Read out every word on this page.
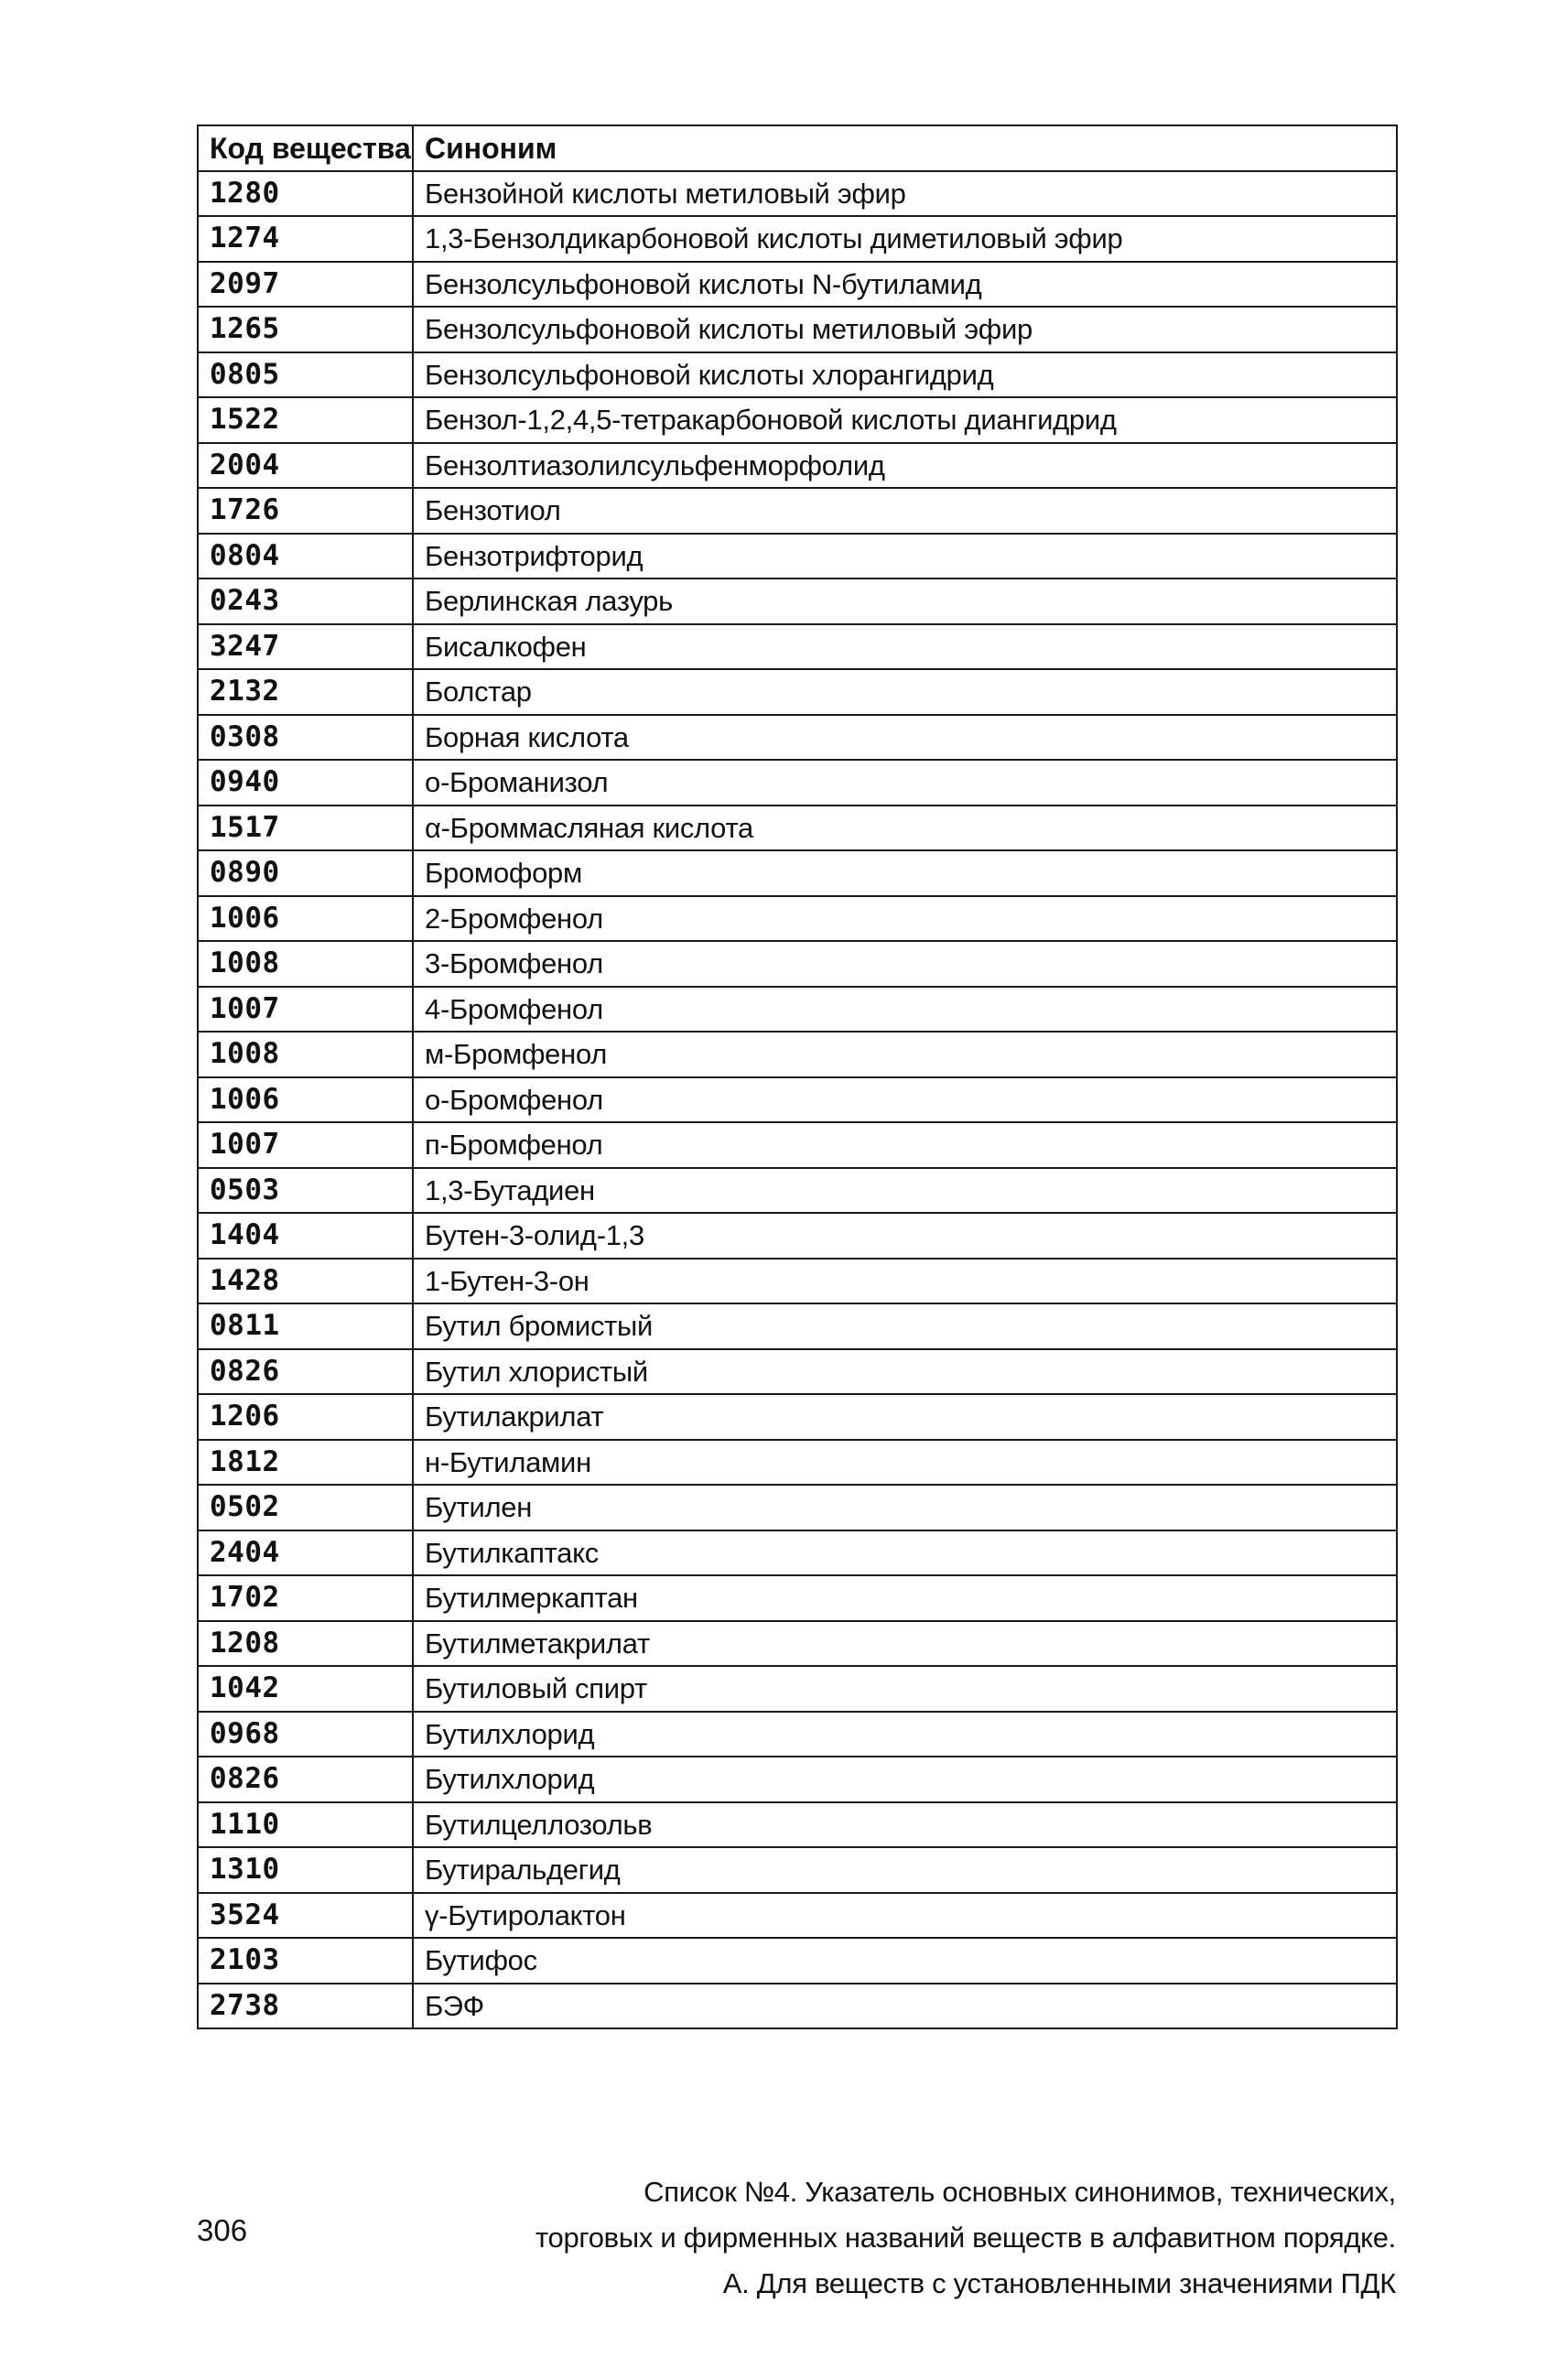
Код вещества	Синоним
1280	Бензойной кислоты метиловый эфир
1274	1,3-Бензолдикарбоновой кислоты диметиловый эфир
2097	Бензолсульфоновой кислоты N-бутиламид
1265	Бензолсульфоновой кислоты метиловый эфир
0805	Бензолсульфоновой кислоты хлорангидрид
1522	Бензол-1,2,4,5-тетракарбоновой кислоты диангидрид
2004	Бензолтиазолилсульфенморфолид
1726	Бензотиол
0804	Бензотрифторид
0243	Берлинская лазурь
3247	Бисалкофен
2132	Болстар
0308	Борная кислота
0940	о-Броманизол
1517	α-Броммасляная кислота
0890	Бромоформ
1006	2-Бромфенол
1008	3-Бромфенол
1007	4-Бромфенол
1008	м-Бромфенол
1006	о-Бромфенол
1007	п-Бромфенол
0503	1,3-Бутадиен
1404	Бутен-3-олид-1,3
1428	1-Бутен-3-он
0811	Бутил бромистый
0826	Бутил хлористый
1206	Бутилакрилат
1812	н-Бутиламин
0502	Бутилен
2404	Бутилкаптакс
1702	Бутилмеркаптан
1208	Бутилметакрилат
1042	Бутиловый спирт
0968	Бутилхлорид
0826	Бутилхлорид
1110	Бутилцеллозольв
1310	Бутиральдегид
3524	γ-Бутиролактон
2103	Бутифос
2738	БЭФ
306
Список №4. Указатель основных синонимов, технических,
торговых и фирменных названий веществ в алфавитном порядке.
А. Для веществ с установленными значениями ПДК
